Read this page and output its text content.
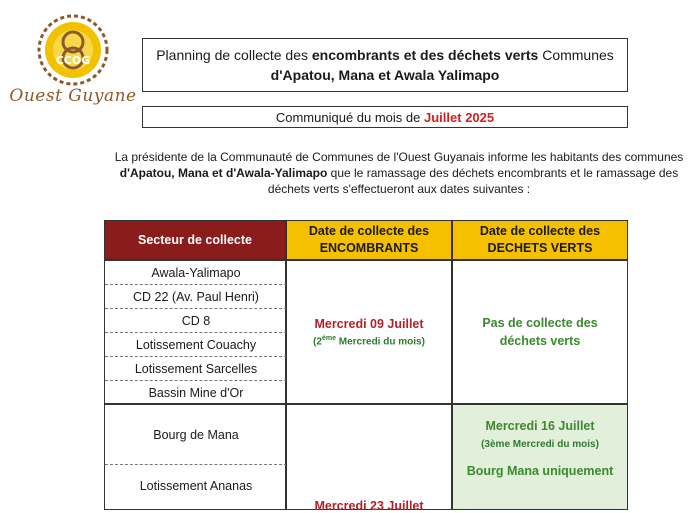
CCOG
Ouest Guyane
Planning de collecte des encombrants et des déchets verts Communes
d'Apatou, Mana et Awala Yalimapo
Communiqué du mois de
Juillet 2025
La présidente de la Communauté de Communes de l'Ouest Guyanais informe les habitants des communes
d'Apatou, Mana et d'Awala-Yalimapo que le ramassage des déchets encombrants et le ramassage des
déchets verts s'effectueront aux dates suivantes :
Secteur de collecte
Date de collecte des ENCOMBRANTS
Date de collecte des DECHETS VERTS
Awala-Yalimapo
CD 22 (Av. Paul Henri)
CD 8
Lotissement Couachy
Lotissement Sarcelles
Bassin Mine d'Or
Mercredi 09 Juillet
(2ème Mercredi du mois)
Pas de collecte des déchets verts
Bourg de Mana
Lotissement Ananas
Mercredi 23 Juillet
Mercredi 16 Juillet
(3ème Mercredi du mois)
Bourg Mana uniquement
